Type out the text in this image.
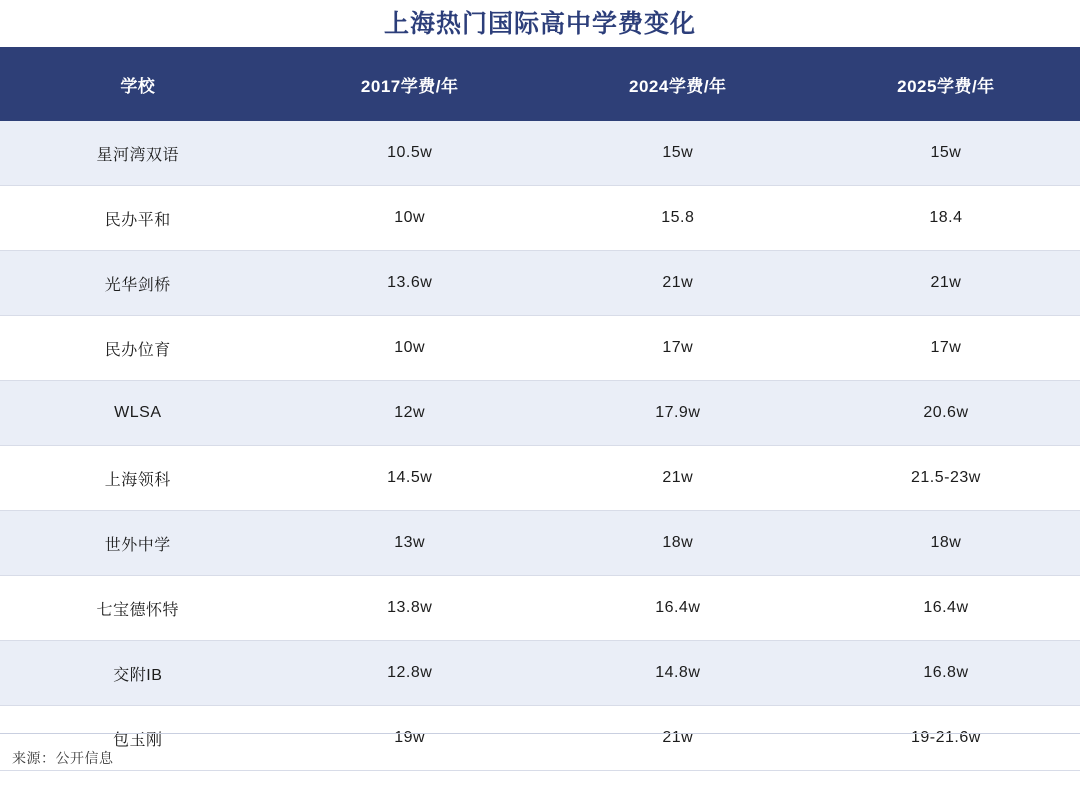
上海热门国际高中学费变化
学校	2017学费/年	2024学费/年	2025学费/年
星河湾双语	10.5w	15w	15w
民办平和	10w	15.8	18.4
光华剑桥	13.6w	21w	21w
民办位育	10w	17w	17w
WLSA	12w	17.9w	20.6w
上海领科	14.5w	21w	21.5-23w
世外中学	13w	18w	18w
七宝德怀特	13.8w	16.4w	16.4w
交附IB	12.8w	14.8w	16.8w
包玉刚	19w	21w	19-21.6w
来源：公开信息
